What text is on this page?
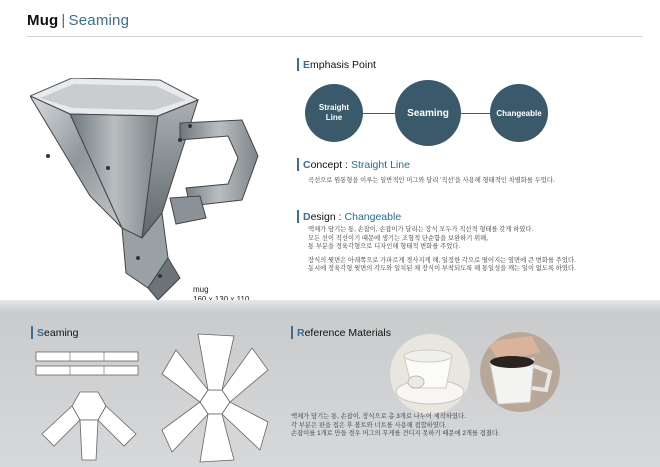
Mug | Seaming
mug
E mphasis Point
Straight
Line	Seaming	Changeable
C oncept : Straight Line
곡선으로 원통형을 이루는 일반적인 머그와 달리 '직선'을 사용해 형태적인 차별화를 두었다.
D esign : Changeable
액체가 담기는 통, 손잡이, 손잡이가 달리는 장식 모두가 직선적 형태를 갖게 하였다.
모든 선이 직선이기 때문에 생기는 조형적 단순함을 보완하기 위해,
통 부분을 정육각형으로 디자인해 형태적 변화를 주었다.
장식의 윗면은 아래쪽으로 가파르게 경사지게 해, 일정한 각으로 떨어지는 옆면에 큰 변화를 주었다.
동시에 정육각형 윗면의 각도와 일치된 채 장식이 부착되도록 해 통일성을 깨는 일이 없도록 하였다.
S eaming	R eference Materials
액체가 담기는 통, 손잡이, 장식으로 총 3개로 나누어 제작하였다.
각 부분은 판을 접은 후 볼트와 너트를 사용해 접합하였다.
손잡이를 1개로 만들 경우 머그의 무게를 견디지 못하기 때문에 2개를 겹쳤다.
